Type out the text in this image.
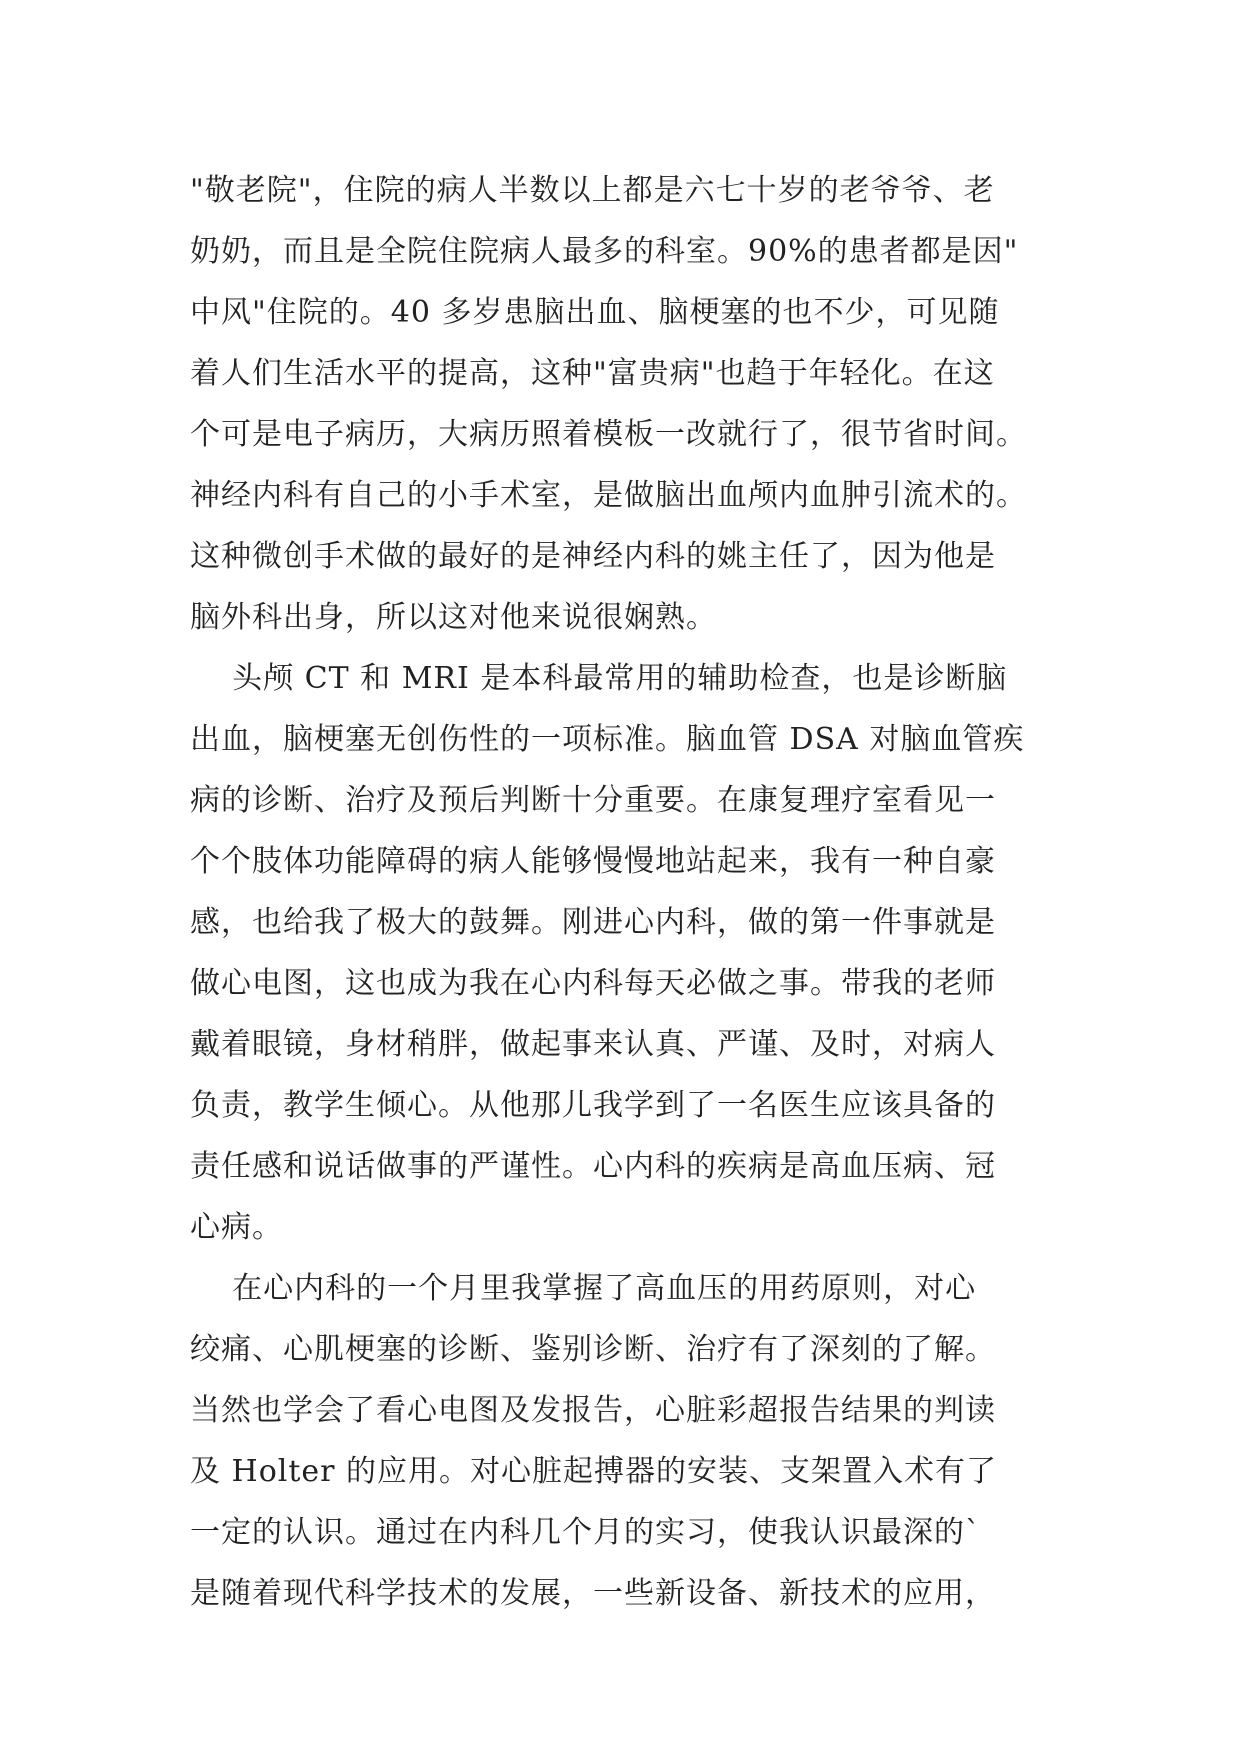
"敬老院"，住院的病人半数以上都是六七十岁的老爷爷、老
奶奶，而且是全院住院病人最多的科室。90%的患者都是因"
中风"住院的。40 多岁患脑出血、脑梗塞的也不少，可见随
着人们生活水平的提高，这种"富贵病"也趋于年轻化。在这
个可是电子病历，大病历照着模板一改就行了，很节省时间。
神经内科有自己的小手术室，是做脑出血颅内血肿引流术的。
这种微创手术做的最好的是神经内科的姚主任了，因为他是
脑外科出身，所以这对他来说很娴熟。
头颅 CT 和 MRI 是本科最常用的辅助检查，也是诊断脑
出血，脑梗塞无创伤性的一项标准。脑血管 DSA 对脑血管疾
病的诊断、治疗及预后判断十分重要。在康复理疗室看见一
个个肢体功能障碍的病人能够慢慢地站起来，我有一种自豪
感，也给我了极大的鼓舞。刚进心内科，做的第一件事就是
做心电图，这也成为我在心内科每天必做之事。带我的老师
戴着眼镜，身材稍胖，做起事来认真、严谨、及时，对病人
负责，教学生倾心。从他那儿我学到了一名医生应该具备的
责任感和说话做事的严谨性。心内科的疾病是高血压病、冠
心病。
在心内科的一个月里我掌握了高血压的用药原则，对心
绞痛、心肌梗塞的诊断、鉴别诊断、治疗有了深刻的了解。
当然也学会了看心电图及发报告，心脏彩超报告结果的判读
及 Holter 的应用。对心脏起搏器的安装、支架置入术有了
一定的认识。通过在内科几个月的实习，使我认识最深的`
是随着现代科学技术的发展，一些新设备、新技术的应用，
